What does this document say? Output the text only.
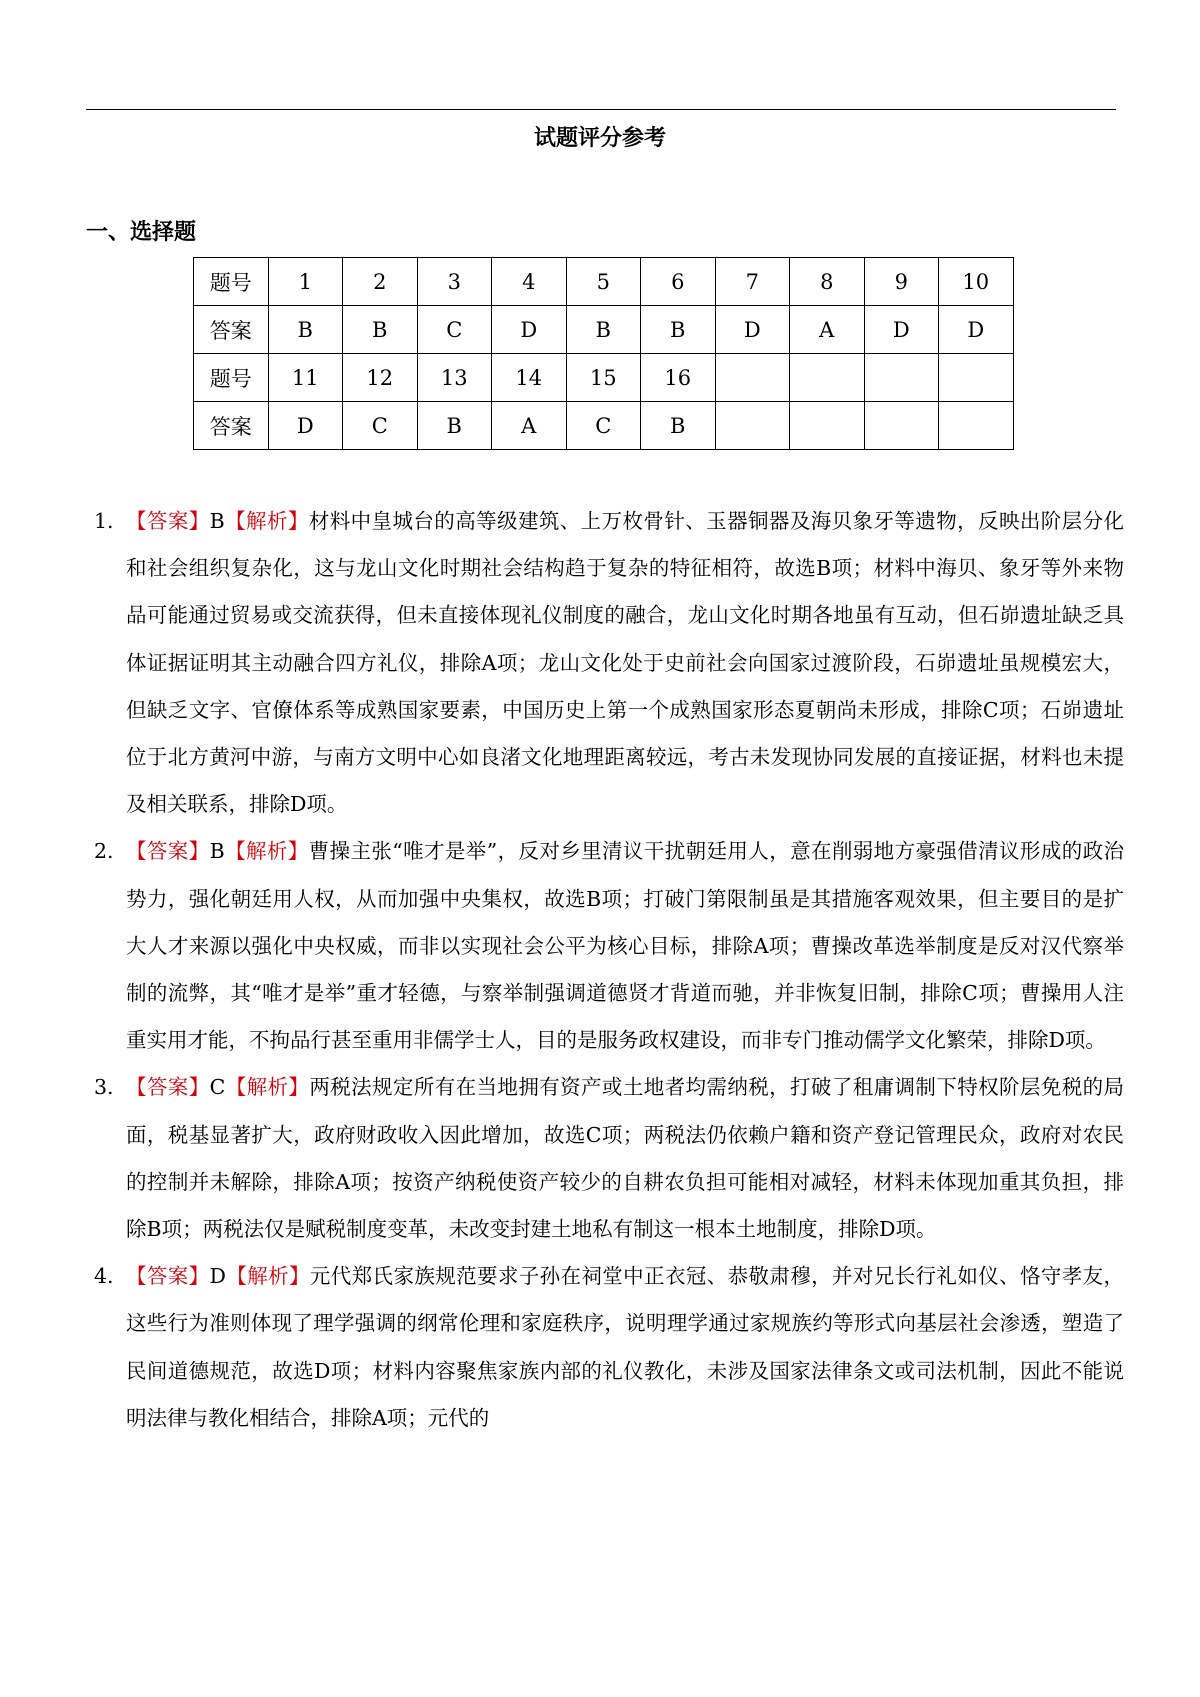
试题评分参考
一、选择题
题号	1	2	3	4	5	6	7	8	9	10
答案	B	B	C	D	B	B	D	A	D	D
题号	11	12	13	14	15	16				
答案	D	C	B	A	C	B				
1. 【答案】B【解析】材料中皇城台的高等级建筑、上万枚骨针、玉器铜器及海贝象牙等遗物，反映出阶层分化和社会组织复杂化，这与龙山文化时期社会结构趋于复杂的特征相符，故选B项；材料中海贝、象牙等外来物品可能通过贸易或交流获得，但未直接体现礼仪制度的融合，龙山文化时期各地虽有互动，但石峁遗址缺乏具体证据证明其主动融合四方礼仪，排除A项；龙山文化处于史前社会向国家过渡阶段，石峁遗址虽规模宏大，但缺乏文字、官僚体系等成熟国家要素，中国历史上第一个成熟国家形态夏朝尚未形成，排除C项；石峁遗址位于北方黄河中游，与南方文明中心如良渚文化地理距离较远，考古未发现协同发展的直接证据，材料也未提及相关联系，排除D项。
2. 【答案】B【解析】曹操主张“唯才是举”，反对乡里清议干扰朝廷用人，意在削弱地方豪强借清议形成的政治势力，强化朝廷用人权，从而加强中央集权，故选B项；打破门第限制虽是其措施客观效果，但主要目的是扩大人才来源以强化中央权威，而非以实现社会公平为核心目标，排除A项；曹操改革选举制度是反对汉代察举制的流弊，其“唯才是举”重才轻德，与察举制强调道德贤才背道而驰，并非恢复旧制，排除C项；曹操用人注重实用才能，不拘品行甚至重用非儒学士人，目的是服务政权建设，而非专门推动儒学文化繁荣，排除D项。
3. 【答案】C【解析】两税法规定所有在当地拥有资产或土地者均需纳税，打破了租庸调制下特权阶层免税的局面，税基显著扩大，政府财政收入因此增加，故选C项；两税法仍依赖户籍和资产登记管理民众，政府对农民的控制并未解除，排除A项；按资产纳税使资产较少的自耕农负担可能相对减轻，材料未体现加重其负担，排除B项；两税法仅是赋税制度变革，未改变封建土地私有制这一根本土地制度，排除D项。
4. 【答案】D【解析】元代郑氏家族规范要求子孙在祠堂中正衣冠、恭敬肃穆，并对兄长行礼如仪、恪守孝友，这些行为准则体现了理学强调的纲常伦理和家庭秩序，说明理学通过家规族约等形式向基层社会渗透，塑造了民间道德规范，故选D项；材料内容聚焦家族内部的礼仪教化，未涉及国家法律条文或司法机制，因此不能说明法律与教化相结合，排除A项；元代的
